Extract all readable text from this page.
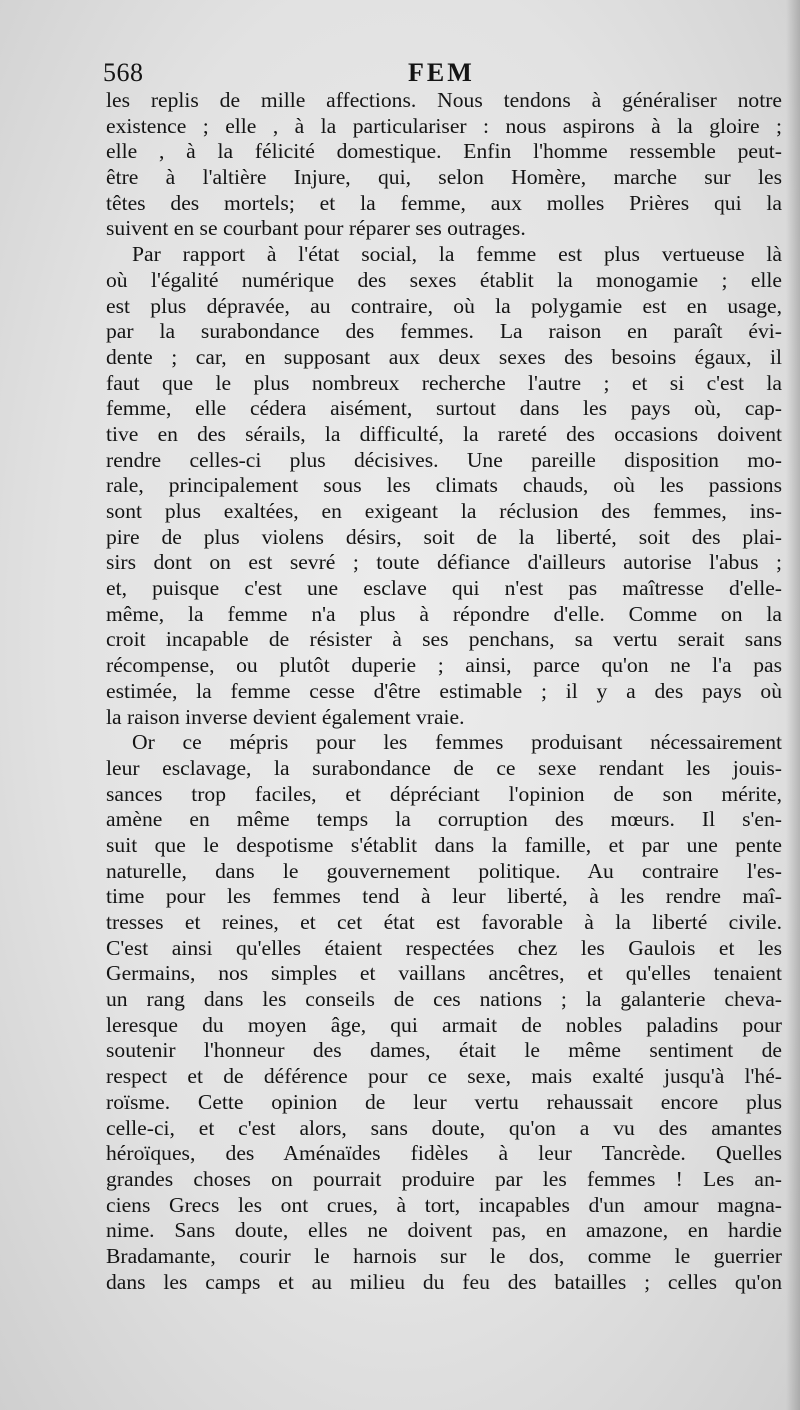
568	FEM
les replis de mille affections. Nous tendons à généraliser notre
existence ; elle , à la particulariser : nous aspirons à la gloire ;
elle , à la félicité domestique. Enfin l'homme ressemble peut-
être à l'altière Injure, qui, selon Homère, marche sur les
têtes des mortels; et la femme, aux molles Prières qui la
suivent en se courbant pour réparer ses outrages.
Par rapport à l'état social, la femme est plus vertueuse là
où l'égalité numérique des sexes établit la monogamie ; elle
est plus dépravée, au contraire, où la polygamie est en usage,
par la surabondance des femmes. La raison en paraît évi-
dente ; car, en supposant aux deux sexes des besoins égaux, il
faut que le plus nombreux recherche l'autre ; et si c'est la
femme, elle cédera aisément, surtout dans les pays où, cap-
tive en des sérails, la difficulté, la rareté des occasions doivent
rendre celles-ci plus décisives. Une pareille disposition mo-
rale, principalement sous les climats chauds, où les passions
sont plus exaltées, en exigeant la réclusion des femmes, ins-
pire de plus violens désirs, soit de la liberté, soit des plai-
sirs dont on est sevré ; toute défiance d'ailleurs autorise l'abus ;
et, puisque c'est une esclave qui n'est pas maîtresse d'elle-
même, la femme n'a plus à répondre d'elle. Comme on la
croit incapable de résister à ses penchans, sa vertu serait sans
récompense, ou plutôt duperie ; ainsi, parce qu'on ne l'a pas
estimée, la femme cesse d'être estimable ; il y a des pays où
la raison inverse devient également vraie.
Or ce mépris pour les femmes produisant nécessairement
leur esclavage, la surabondance de ce sexe rendant les jouis-
sances trop faciles, et dépréciant l'opinion de son mérite,
amène en même temps la corruption des mœurs. Il s'en-
suit que le despotisme s'établit dans la famille, et par une pente
naturelle, dans le gouvernement politique. Au contraire l'es-
time pour les femmes tend à leur liberté, à les rendre maî-
tresses et reines, et cet état est favorable à la liberté civile.
C'est ainsi qu'elles étaient respectées chez les Gaulois et les
Germains, nos simples et vaillans ancêtres, et qu'elles tenaient
un rang dans les conseils de ces nations ; la galanterie cheva-
leresque du moyen âge, qui armait de nobles paladins pour
soutenir l'honneur des dames, était le même sentiment de
respect et de déférence pour ce sexe, mais exalté jusqu'à l'hé-
roïsme. Cette opinion de leur vertu rehaussait encore plus
celle-ci, et c'est alors, sans doute, qu'on a vu des amantes
héroïques, des Aménaïdes fidèles à leur Tancrède. Quelles
grandes choses on pourrait produire par les femmes ! Les an-
ciens Grecs les ont crues, à tort, incapables d'un amour magna-
nime. Sans doute, elles ne doivent pas, en amazone, en hardie
Bradamante, courir le harnois sur le dos, comme le guerrier
dans les camps et au milieu du feu des batailles ; celles qu'on
